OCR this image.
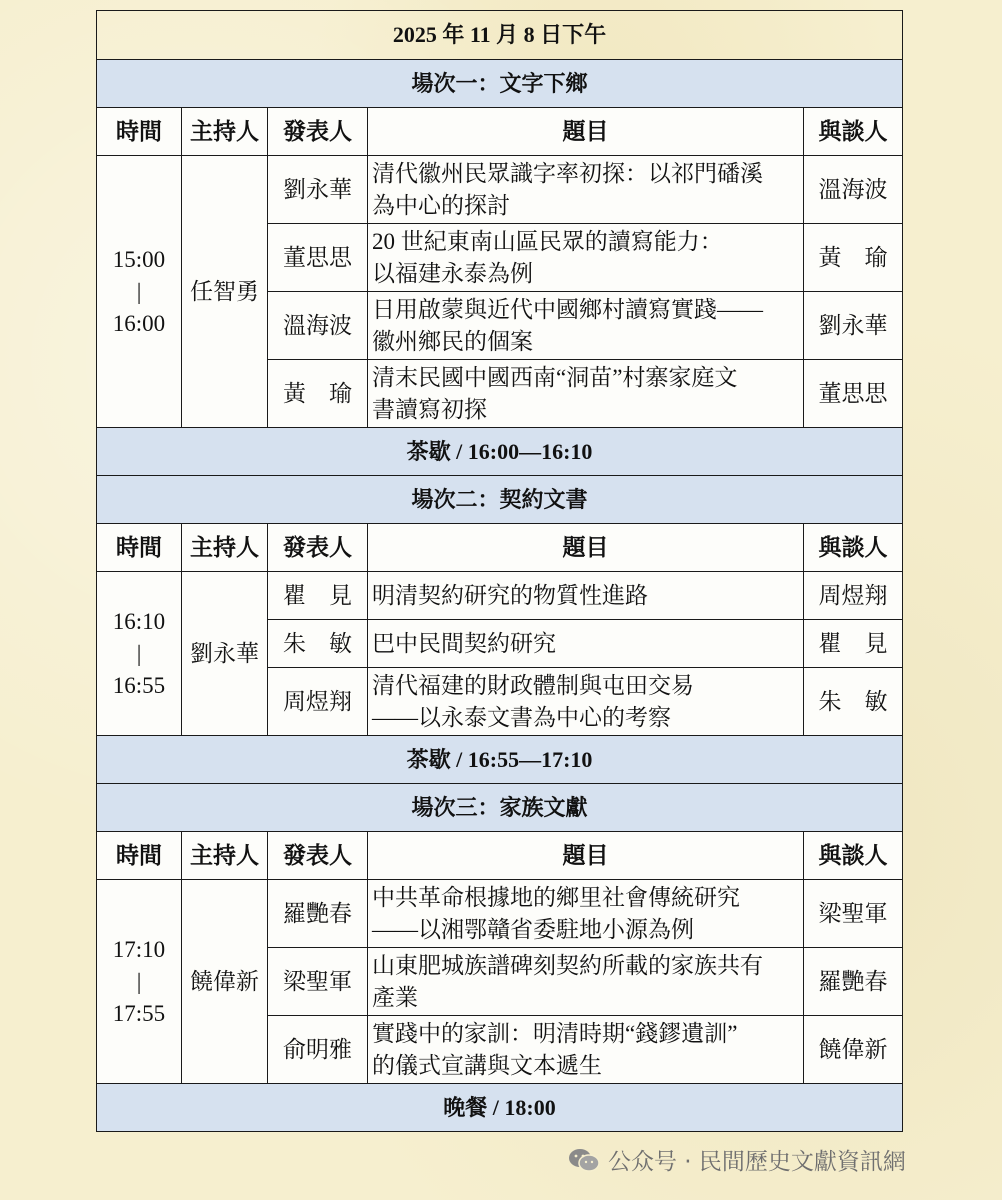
2025 年 11 月 8 日下午				
場次一：文字下鄉				
時間	主持人	發表人	題目	與談人

15:00
|
16:00	任智勇	劉永華	清代徽州民眾識字率初探：以祁門磻溪
為中心的探討	溫海波
		董思思	20 世紀東南山區民眾的讀寫能力：
以福建永泰為例	黃　瑜
		溫海波	日用啟蒙與近代中國鄉村讀寫實踐——
徽州鄉民的個案	劉永華
		黃　瑜	清末民國中國西南“洞苗”村寨家庭文
書讀寫初探	董思思
茶歇 / 16:00—16:10				
場次二：契約文書				
時間	主持人	發表人	題目	與談人

16:10
|
16:55	劉永華	瞿　見	明清契約研究的物質性進路	周煜翔
		朱　敏	巴中民間契約研究	瞿　見
		周煜翔	清代福建的財政體制與屯田交易
——以永泰文書為中心的考察	朱　敏
茶歇 / 16:55—17:10				
場次三：家族文獻				
時間	主持人	發表人	題目	與談人

17:10
|
17:55	饒偉新	羅艷春	中共革命根據地的鄉里社會傳統研究
——以湘鄂贛省委駐地小源為例	梁聖軍
		梁聖軍	山東肥城族譜碑刻契約所載的家族共有
產業	羅艷春
		俞明雅	實踐中的家訓：明清時期“錢鏐遺訓”
的儀式宣講與文本遞生	饒偉新
晚餐 / 18:00				
公众号 · 民間歷史文獻資訊網
